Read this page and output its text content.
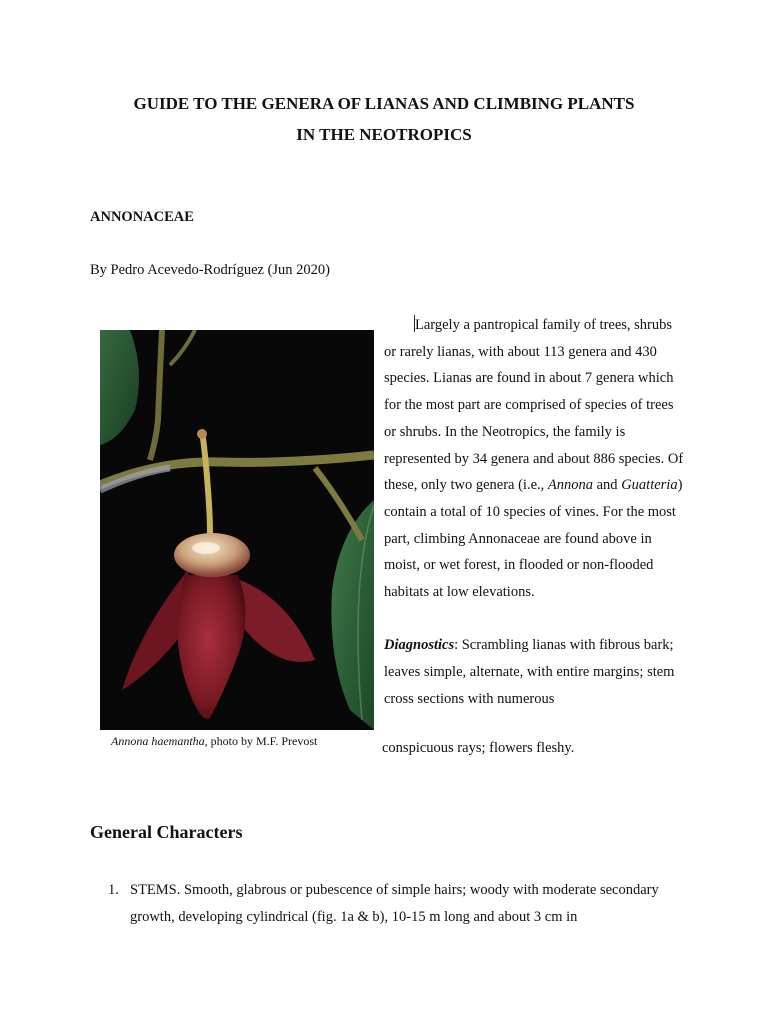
GUIDE TO THE GENERA OF LIANAS AND CLIMBING PLANTS
IN THE NEOTROPICS

ANNONACEAE

By Pedro Acevedo-Rodríguez (Jun 2020)

Annona haemantha, photo by M.F. Prevost

Largely a pantropical family of trees, shrubs or rarely lianas, with about 113 genera and 430 species. Lianas are found in about 7 genera which for the most part are comprised of species of trees or shrubs. In the Neotropics, the family is represented by 34 genera and about 886 species. Of these, only two genera (i.e., Annona and Guatteria) contain a total of 10 species of vines. For the most part, climbing Annonaceae are found above in moist, or wet forest, in flooded or non-flooded habitats at low elevations.

Diagnostics: Scrambling lianas with fibrous bark; leaves simple, alternate, with entire margins; stem cross sections with numerous

conspicuous rays; flowers fleshy.
General Characters
1. STEMS. Smooth, glabrous or pubescence of simple hairs; woody with moderate secondary growth, developing cylindrical (fig. 1a & b), 10-15 m long and about 3 cm in
